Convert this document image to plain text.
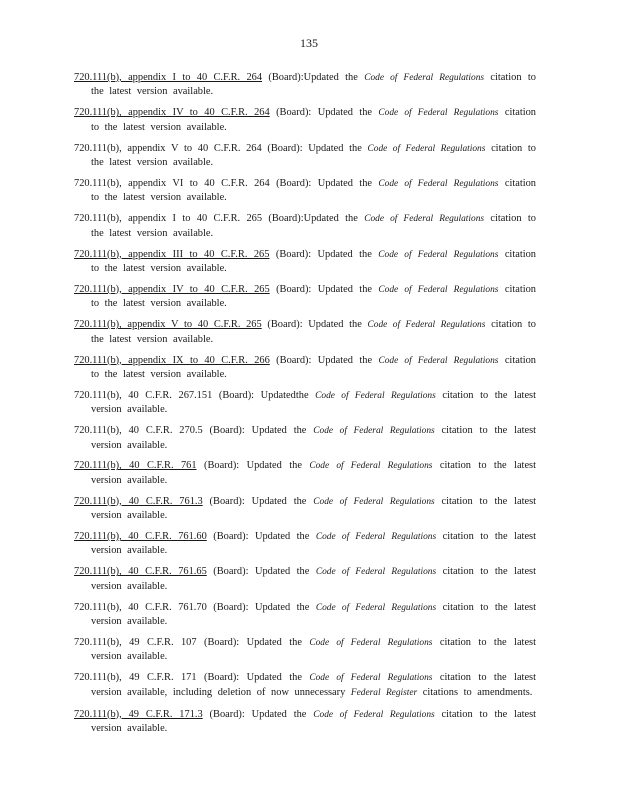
135
720.111(b), appendix I to 40 C.F.R. 264 (Board):Updated the Code of Federal Regulations citation to the latest version available.
720.111(b), appendix IV to 40 C.F.R. 264 (Board): Updated the Code of Federal Regulations citation to the latest version available.
720.111(b), appendix V to 40 C.F.R. 264 (Board): Updated the Code of Federal Regulations citation to the latest version available.
720.111(b), appendix VI to 40 C.F.R. 264 (Board): Updated the Code of Federal Regulations citation to the latest version available.
720.111(b), appendix I to 40 C.F.R. 265 (Board):Updated the Code of Federal Regulations citation to the latest version available.
720.111(b), appendix III to 40 C.F.R. 265 (Board): Updated the Code of Federal Regulations citation to the latest version available.
720.111(b), appendix IV to 40 C.F.R. 265 (Board): Updated the Code of Federal Regulations citation to the latest version available.
720.111(b), appendix V to 40 C.F.R. 265 (Board): Updated the Code of Federal Regulations citation to the latest version available.
720.111(b), appendix IX to 40 C.F.R. 266 (Board): Updated the Code of Federal Regulations citation to the latest version available.
720.111(b), 40 C.F.R. 267.151 (Board): Updatedthe Code of Federal Regulations citation to the latest version available.
720.111(b), 40 C.F.R. 270.5 (Board): Updated the Code of Federal Regulations citation to the latest version available.
720.111(b), 40 C.F.R. 761 (Board): Updated the Code of Federal Regulations citation to the latest version available.
720.111(b), 40 C.F.R. 761.3 (Board): Updated the Code of Federal Regulations citation to the latest version available.
720.111(b), 40 C.F.R. 761.60 (Board): Updated the Code of Federal Regulations citation to the latest version available.
720.111(b), 40 C.F.R. 761.65 (Board): Updated the Code of Federal Regulations citation to the latest version available.
720.111(b), 40 C.F.R. 761.70 (Board): Updated the Code of Federal Regulations citation to the latest version available.
720.111(b), 49 C.F.R. 107 (Board): Updated the Code of Federal Regulations citation to the latest version available.
720.111(b), 49 C.F.R. 171 (Board): Updated the Code of Federal Regulations citation to the latest version available, including deletion of now unnecessary Federal Register citations to amendments.
720.111(b), 49 C.F.R. 171.3 (Board): Updated the Code of Federal Regulations citation to the latest version available.
